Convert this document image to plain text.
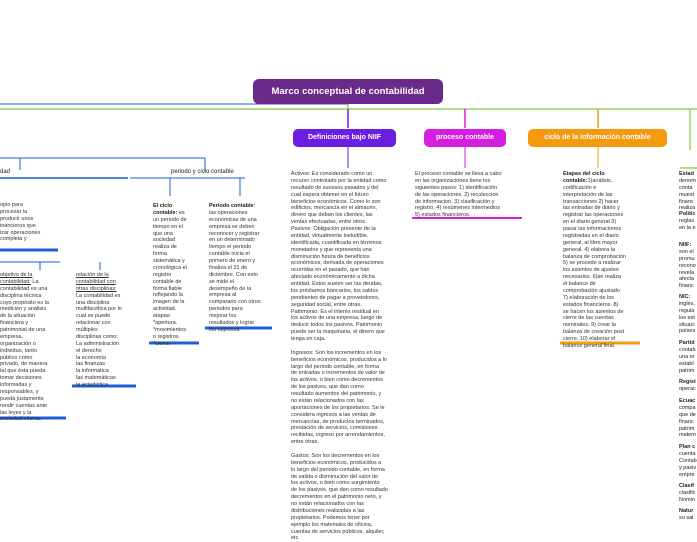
Marco conceptual de contabilidad
Definiciones bajo NIIF	proceso contable	ciclo de la información contable
periodo y ciclo contable
dad
opio para
procesar la
producir unos
inancieros que
izar operaciones
completa y
objetivo de la
contabilidad: La
contabilidad es una
disciplina técnica
cuyo propósito es la
medición y análisis
de la situación
financiera y
patrimonial de una
empresa,
organización o
individuo, tanto
público como
privado, de manera
tal que ésta pueda
tomar decisiones
informadas y
responsables, y
pueda justamente
rendir cuentas ante
las leyes y la
sociedad misma.
relación de la
contabilidad con
otras disciplinas:
La contabilidad es
una disciplina
multifacética por lo
cual se puede
relacionar con
múltiples
disciplinas como:
La administración
el derecho
la economía
las finanzas
la informática
las matemáticas
la estadística
El ciclo
contable: es
un periodo de
tiempo en el
que una
sociedad
realiza de
forma
sistemática y
cronológica el
registro
contable de
forma fiable
reflejando la
imagen de la
actividad.
etapas:
*apertura.
*movimientos
o registros.
*cierre.
Periodo contable:
las operaciones
económicas de una
empresa se deben
reconocer y registrar
en un determinado
tiempo el periodo
contable inicia el
primero de enero y
finaliza el 31 de
diciembre. Con esto
se mide el
desempeño de la
empresa al
compararlo con otros
periodos para
mejorar los
resultados y lograr
los objetivos.
Activos: Es considerado como un
recurso controlado por la entidad como
resultado de sucesos pasados y del
cual espera obtener en el futuro
beneficios económicos. Como lo son
edificios, mercancía en el almacén,
dinero que deban los clientes, las
ventas efectuadas, entre otros.
Pasivos: Obligación presente de la
entidad, virtualmente ineludible,
identificada, cuantificada en términos
monetarios y que representa una
disminución futura de beneficios
económicos, derivada de operaciones
ocurridas en el pasado, que han
afectado económicamente a dicha
entidad. Estos suelen ser las deudas,
los préstamos bancarios, los saldos
pendientes de pagar a proveedores,
seguridad social, entre otras.
Patrimonio: Es el interés residual en
los activos de una empresa, luego de
deducir todos los pasivos. Patrimonio
puede ser la maquinaria, el dinero que
tenga en caja.

Ingresos: Son los incrementos en los
beneficios económicos, producidos a lo
largo del periodo contable, en forma
de entradas o incrementos de valor de
los activos, o bien como decrementos
de los pasivos, que dan como
resultado aumentos del patrimonio, y
no están relacionados con las
aportaciones de los propietarios. Se le
considera ingresos a las ventas de
mercancías, de productos terminados,
prestación de servicios, comisiones
recibidas, ingreso por arrendamientos,
entre otras.

Gastos: Son los decrementos en los
beneficios económicos, producidos a
lo largo del periodo contable, en forma
de salida o disminución del valor de
los activos, o bien como surgimiento
de los pasivos, que dan como resultado
decrementos en el patrimonio neto, y
no están relacionados con las
distribuciones realizadas a las
propietarios. Podemos tener por
ejemplo los materiales de oficina,
cuentas de servicios públicos, alquiler,
etc
El proceso contable se lleva a cabo
en las organizaciones tiene los
siguientes pasos: 1) identificación
de las operaciones. 2) recoleccion
de informacion. 3) clasificación y
registro. 4) resúmenes intermedios
5) estados financieros.
Etapas del ciclo
contable:1)análisis,
codificación e
interpretación de las
transacciones 2) hacer
las entradas de diario y
registrar las operaciones
en el diario general 3)
pasar las informaciones
registradas en el diario
general, al libro mayor
general. 4) elabora la
balanza de comprobación
5) se procede a realizar
los asientos de ajustes
necesarios. 6)se realiza
el balance de
comprobación ajustado
7) elaboración de los
estados financieros. 8)
se hacen los asientos de
cierre de las cuentas
nominales. 9) crear la
balanza de creación post
cierre. 10) elaborar el
balance general final.
Estad
denom
conta
muest
financ
realiza
Politic
reglas
en la e
NIIF:
son el
promu
recono
revela
afecta
financ
NIC:
inglés,
regula
los est
situaci
países
Partid
contab
una er
establ
patrim
Regist
operac
Ecuac
compa
que de
financ
patrim
matem
Plan c
cuenta
Contab
y pasiv
empre
Clasif
clasific
Nomin
Natur
su sal
